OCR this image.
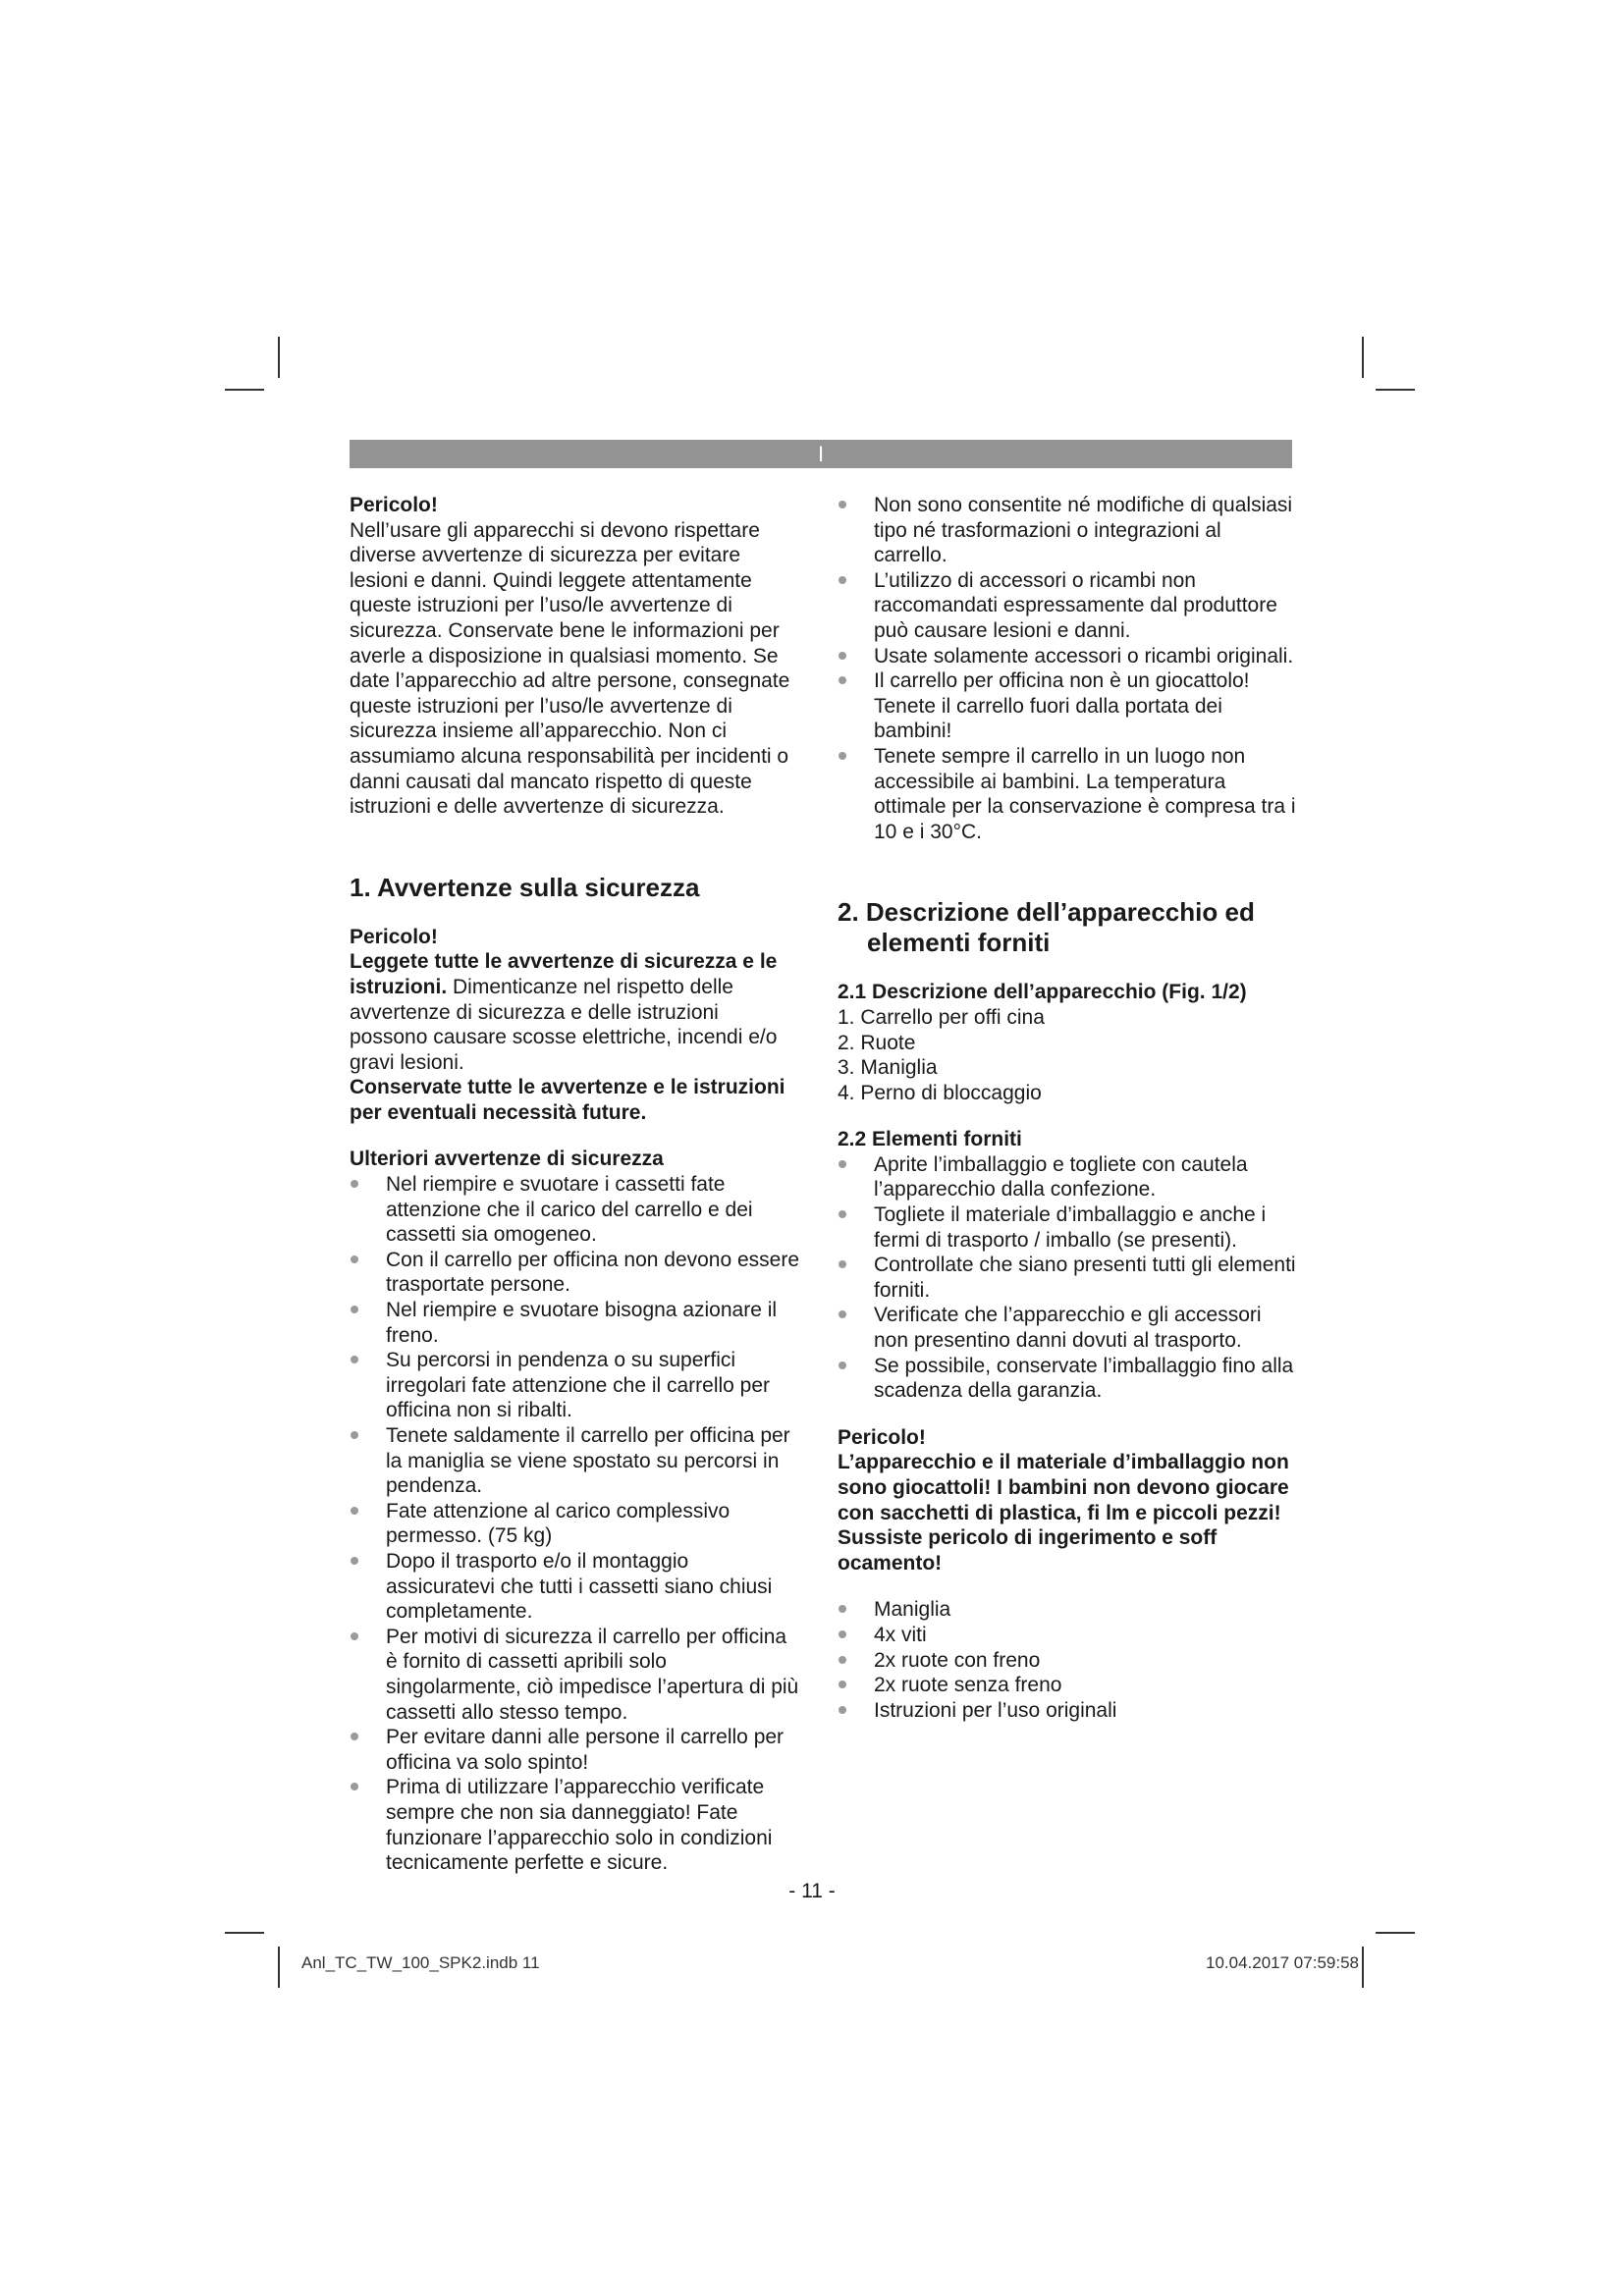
I

Pericolo!

Nell’usare gli apparecchi si devono rispettare diverse avvertenze di sicurezza per evitare lesioni e danni. Quindi leggete attentamente queste istruzioni per l’uso/le avvertenze di sicurezza. Conservate bene le informazioni per averle a disposizione in qualsiasi momento. Se date l’apparecchio ad altre persone, consegnate queste istruzioni per l’uso/le avvertenze di sicurezza insieme all’apparecchio. Non ci assumiamo alcuna responsabilità per incidenti o danni causati dal mancato rispetto di queste istruzioni e delle avvertenze di sicurezza.

1. Avvertenze sulla sicurezza

Pericolo!

Leggete tutte le avvertenze di sicurezza e le istruzioni. Dimenticanze nel rispetto delle avvertenze di sicurezza e delle istruzioni possono causare scosse elettriche, incendi e/o gravi lesioni.

Conservate tutte le avvertenze e le istruzioni per eventuali necessità future.

Ulteriori avvertenze di sicurezza

Nel riempire e svuotare i cassetti fate attenzione che il carico del carrello e dei cassetti sia omogeneo.
Con il carrello per officina non devono essere trasportate persone.
Nel riempire e svuotare bisogna azionare il freno.
Su percorsi in pendenza o su superfici irregolari fate attenzione che il carrello per officina non si ribalti.
Tenete saldamente il carrello per officina per la maniglia se viene spostato su percorsi in pendenza.
Fate attenzione al carico complessivo permesso. (75 kg)
Dopo il trasporto e/o il montaggio assicuratevi che tutti i cassetti siano chiusi completamente.
Per motivi di sicurezza il carrello per officina è fornito di cassetti apribili solo singolarmente, ciò impedisce l’apertura di più cassetti allo stesso tempo.
Per evitare danni alle persone il carrello per officina va solo spinto!
Prima di utilizzare l’apparecchio verificate sempre che non sia danneggiato! Fate funzionare l’apparecchio solo in condizioni tecnicamente perfette e sicure.
Non sono consentite né modifiche di qualsiasi tipo né trasformazioni o integrazioni al carrello.
L’utilizzo di accessori o ricambi non raccomandati espressamente dal produttore può causare lesioni e danni.
Usate solamente accessori o ricambi originali.
Il carrello per officina non è un giocattolo! Tenete il carrello fuori dalla portata dei bambini!
Tenete sempre il carrello in un luogo non accessibile ai bambini. La temperatura ottimale per la conservazione è compresa tra i 10 e i 30°C.

2. Descrizione dell’apparecchio ed elementi forniti

2.1 Descrizione dell’apparecchio (Fig. 1/2)

1. Carrello per offi cina
2. Ruote
3. Maniglia
4. Perno di bloccaggio

2.2 Elementi forniti

Aprite l’imballaggio e togliete con cautela l’apparecchio dalla confezione.
Togliete il materiale d’imballaggio e anche i fermi di trasporto / imballo (se presenti).
Controllate che siano presenti tutti gli elementi forniti.
Verificate che l’apparecchio e gli accessori non presentino danni dovuti al trasporto.
Se possibile, conservate l’imballaggio fino alla scadenza della garanzia.

Pericolo!

L’apparecchio e il materiale d’imballaggio non sono giocattoli! I bambini non devono giocare con sacchetti di plastica, fi lm e piccoli pezzi! Sussiste pericolo di ingerimento e soff ocamento!

Maniglia
4x viti
2x ruote con freno
2x ruote senza freno
Istruzioni per l’uso originali
- 11 -
Anl_TC_TW_100_SPK2.indb 11	10.04.2017 07:59:58
